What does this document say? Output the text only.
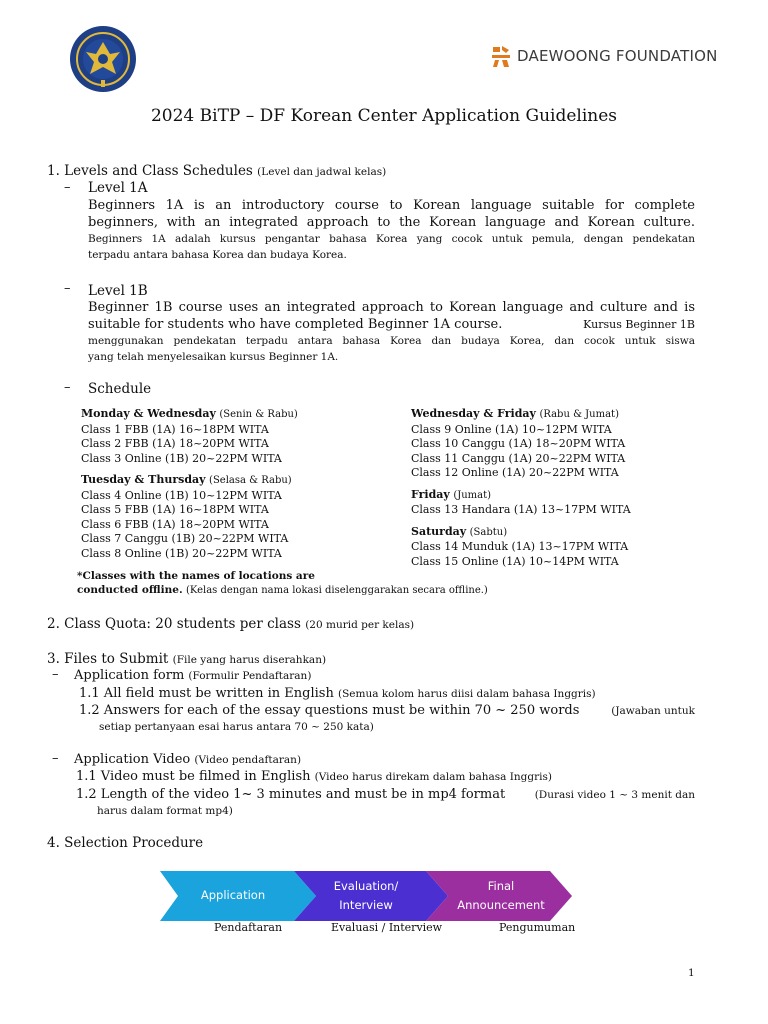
DAEWOONG FOUNDATION
2024 BiTP – DF Korean Center Application Guidelines
1. Levels and Class Schedules (Level dan jadwal kelas)
– Level 1A
Beginners 1A is an introductory course to Korean language suitable for complete
beginners, with an integrated approach to the Korean language and Korean culture.
Beginners 1A adalah kursus pengantar bahasa Korea yang cocok untuk pemula, dengan pendekatan
terpadu antara bahasa Korea dan budaya Korea.
– Level 1B
Beginner 1B course uses an integrated approach to Korean language and culture and is
suitable for students who have completed Beginner 1A course.	Kursus Beginner 1B
menggunakan pendekatan terpadu antara bahasa Korea dan budaya Korea, dan cocok untuk siswa
yang telah menyelesaikan kursus Beginner 1A.
– Schedule
Monday & Wednesday (Senin & Rabu)
Class 1 FBB (1A) 16~18PM WITA
Class 2 FBB (1A) 18~20PM WITA
Class 3 Online (1B) 20~22PM WITA
Tuesday & Thursday (Selasa & Rabu)
Class 4 Online (1B) 10~12PM WITA
Class 5 FBB (1A) 16~18PM WITA
Class 6 FBB (1A) 18~20PM WITA
Class 7 Canggu (1B) 20~22PM WITA
Class 8 Online (1B) 20~22PM WITA
Wednesday & Friday (Rabu & Jumat)
Class 9 Online (1A) 10~12PM WITA
Class 10 Canggu (1A) 18~20PM WITA
Class 11 Canggu (1A) 20~22PM WITA
Class 12 Online (1A) 20~22PM WITA
Friday (Jumat)
Class 13 Handara (1A) 13~17PM WITA
Saturday (Sabtu)
Class 14 Munduk (1A) 13~17PM WITA
Class 15 Online (1A) 10~14PM WITA
*Classes with the names of locations are
conducted offline. (Kelas dengan nama lokasi diselenggarakan secara offline.)
2. Class Quota: 20 students per class (20 murid per kelas)
3. Files to Submit (File yang harus diserahkan)
– Application form (Formulir Pendaftaran)
1.1 All field must be written in English (Semua kolom harus diisi dalam bahasa Inggris)
1.2 Answers for each of the essay questions must be within 70 ~ 250 words	(Jawaban untuk
setiap pertanyaan esai harus antara 70 ~ 250 kata)
– Application Video (Video pendaftaran)
1.1 Video must be filmed in English (Video harus direkam dalam bahasa Inggris)
1.2 Length of the video 1~ 3 minutes and must be in mp4 format	(Durasi video 1 ~ 3 menit dan
harus dalam format mp4)
4. Selection Procedure
Application
Evaluation/
Interview
Final
Announcement
Pendaftaran	Evaluasi / Interview	Pengumuman
1
